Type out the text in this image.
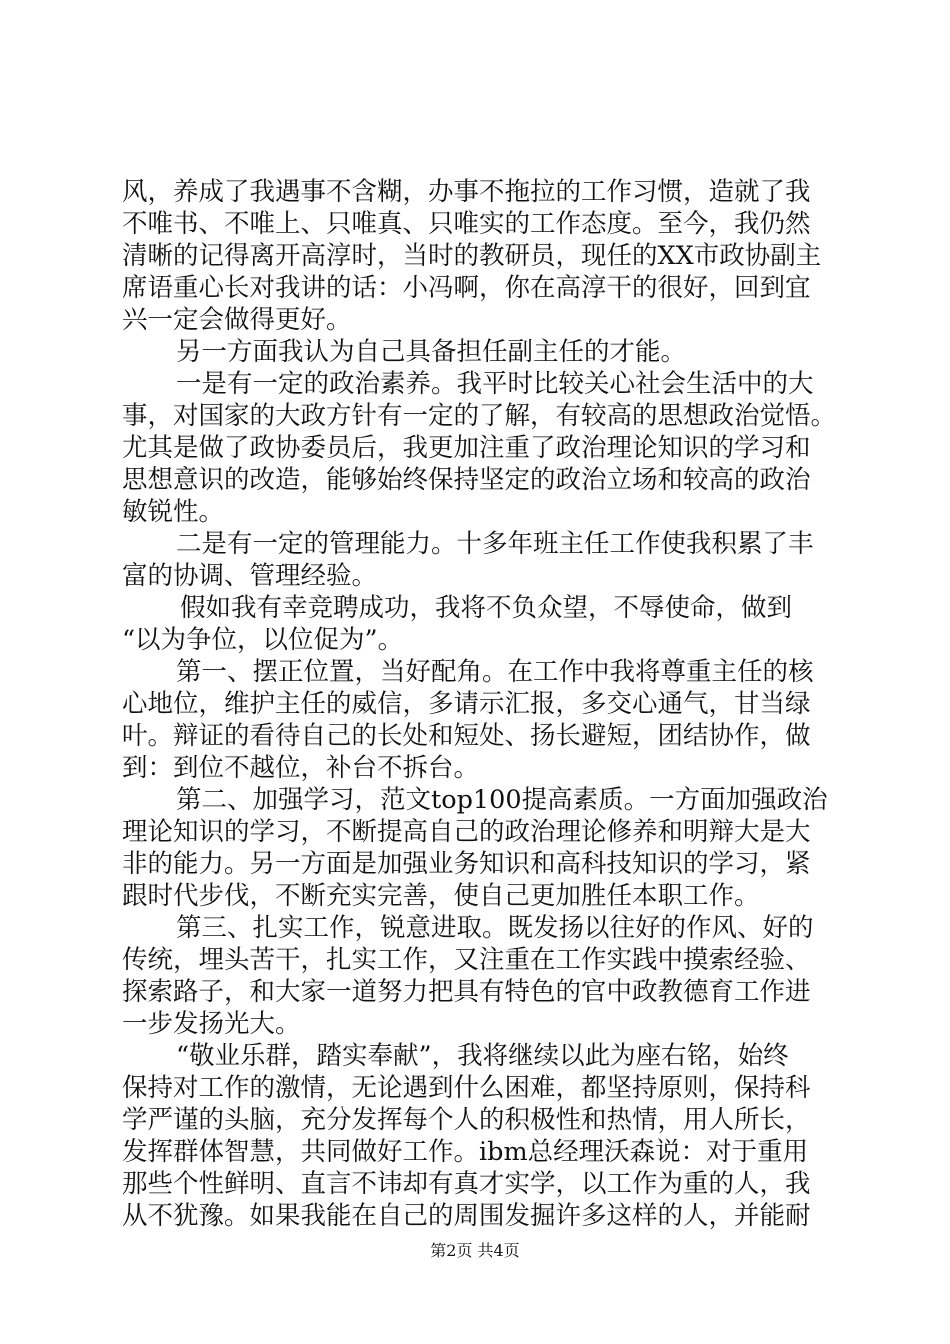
风，养成了我遇事不含糊，办事不拖拉的工作习惯，造就了我
不唯书、不唯上、只唯真、只唯实的工作态度。至今，我仍然
清晰的记得离开高淳时，当时的教研员，现任的XX市政协副主
席语重心长对我讲的话：小冯啊，你在高淳干的很好，回到宜
兴一定会做得更好。
另一方面我认为自己具备担任副主任的才能。
一是有一定的政治素养。我平时比较关心社会生活中的大
事，对国家的大政方针有一定的了解，有较高的思想政治觉悟。
尤其是做了政协委员后，我更加注重了政治理论知识的学习和
思想意识的改造，能够始终保持坚定的政治立场和较高的政治
敏锐性。
二是有一定的管理能力。十多年班主任工作使我积累了丰
富的协调、管理经验。
假如我有幸竞聘成功，我将不负众望，不辱使命，做到
“以为争位，以位促为”。
第一、摆正位置，当好配角。在工作中我将尊重主任的核
心地位，维护主任的威信，多请示汇报，多交心通气，甘当绿
叶。辩证的看待自己的长处和短处、扬长避短，团结协作，做
到：到位不越位，补台不拆台。
第二、加强学习，范文top100提高素质。一方面加强政治
理论知识的学习，不断提高自己的政治理论修养和明辩大是大
非的能力。另一方面是加强业务知识和高科技知识的学习，紧
跟时代步伐，不断充实完善，使自己更加胜任本职工作。
第三、扎实工作，锐意进取。既发扬以往好的作风、好的
传统，埋头苦干，扎实工作，又注重在工作实践中摸索经验、
探索路子，和大家一道努力把具有特色的官中政教德育工作进
一步发扬光大。
“敬业乐群，踏实奉献”，我将继续以此为座右铭，始终
保持对工作的激情，无论遇到什么困难，都坚持原则，保持科
学严谨的头脑，充分发挥每个人的积极性和热情，用人所长，
发挥群体智慧，共同做好工作。ibm总经理沃森说：对于重用
那些个性鲜明、直言不讳却有真才实学，以工作为重的人，我
从不犹豫。如果我能在自己的周围发掘许多这样的人，并能耐
第2页 共4页
